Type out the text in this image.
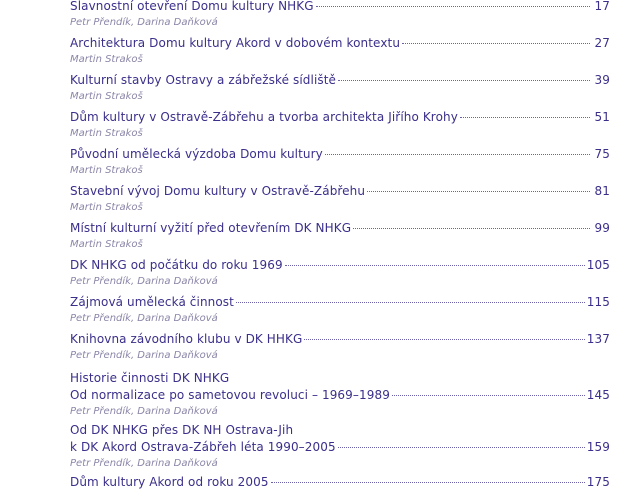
Slavnostní otevření Domu kultury NHKG	17
Petr Přendík, Darina Daňková
Architektura Domu kultury Akord v dobovém kontextu	27
Martin Strakoš
Kulturní stavby Ostravy a zábřežské sídliště	39
Martin Strakoš
Dům kultury v Ostravě-Zábřehu a tvorba architekta Jiřího Krohy	51
Martin Strakoš
Původní umělecká výzdoba Domu kultury	75
Martin Strakoš
Stavební vývoj Domu kultury v Ostravě-Zábřehu	81
Martin Strakoš
Místní kulturní vyžití před otevřením DK NHKG	99
Martin Strakoš
DK NHKG od počátku do roku 1969	105
Petr Přendík, Darina Daňková
Zájmová umělecká činnost	115
Petr Přendík, Darina Daňková
Knihovna závodního klubu v DK HHKG	137
Petr Přendík, Darina Daňková
Historie činnosti DK NHKG
Od normalizace po sametovou revoluci – 1969–1989	145
Petr Přendík, Darina Daňková
Od DK NHKG přes DK NH Ostrava-Jih
k DK Akord Ostrava-Zábřeh léta 1990–2005	159
Petr Přendík, Darina Daňková
Dům kultury Akord od roku 2005	175
